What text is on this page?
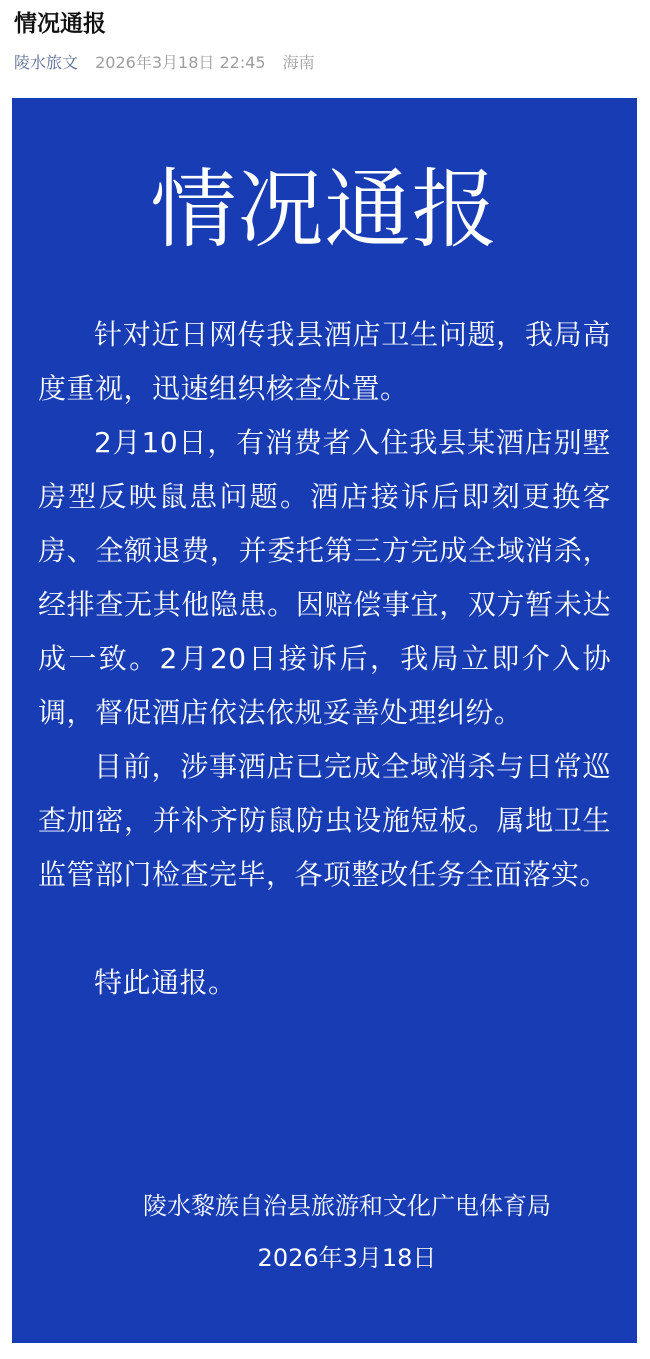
情况通报
陵水旅文 2026年3月18日 22:45 海南
情况通报

针对近日网传我县酒店卫生问题，我局高度重视，迅速组织核查处置。

2月10日，有消费者入住我县某酒店别墅房型反映鼠患问题。酒店接诉后即刻更换客房、全额退费，并委托第三方完成全域消杀，经排查无其他隐患。因赔偿事宜，双方暂未达成一致。2月20日接诉后，我局立即介入协调，督促酒店依法依规妥善处理纠纷。

目前，涉事酒店已完成全域消杀与日常巡查加密，并补齐防鼠防虫设施短板。属地卫生监管部门检查完毕，各项整改任务全面落实。

特此通报。

陵水黎族自治县旅游和文化广电体育局
2026年3月18日
